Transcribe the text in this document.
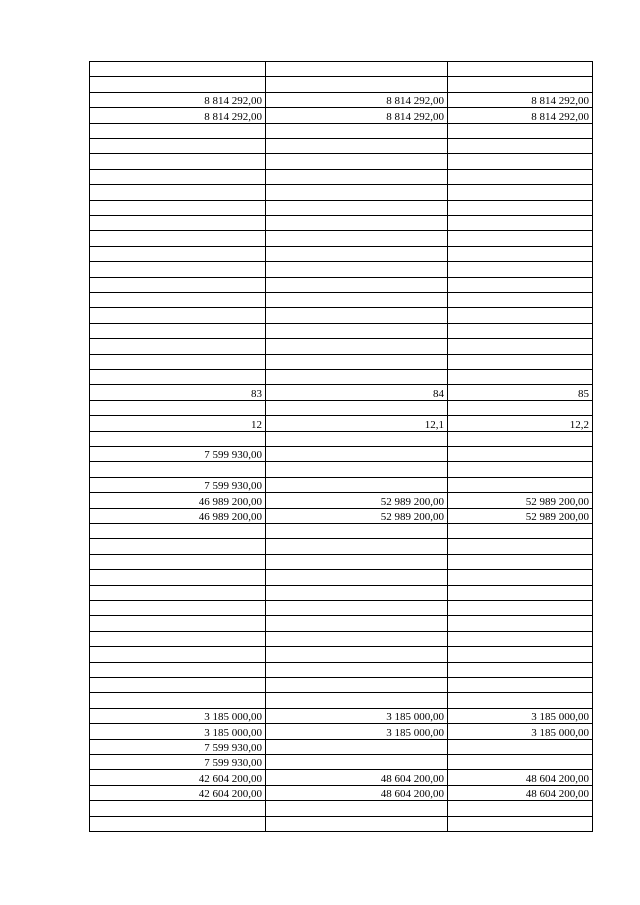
8 814 292,00	8 814 292,00	8 814 292,00
8 814 292,00	8 814 292,00	8 814 292,00
83	84	85
12	12,1	12,2
7 599 930,00
7 599 930,00
46 989 200,00	52 989 200,00	52 989 200,00
46 989 200,00	52 989 200,00	52 989 200,00
3 185 000,00	3 185 000,00	3 185 000,00
3 185 000,00	3 185 000,00	3 185 000,00
7 599 930,00
7 599 930,00
42 604 200,00	48 604 200,00	48 604 200,00
42 604 200,00	48 604 200,00	48 604 200,00
